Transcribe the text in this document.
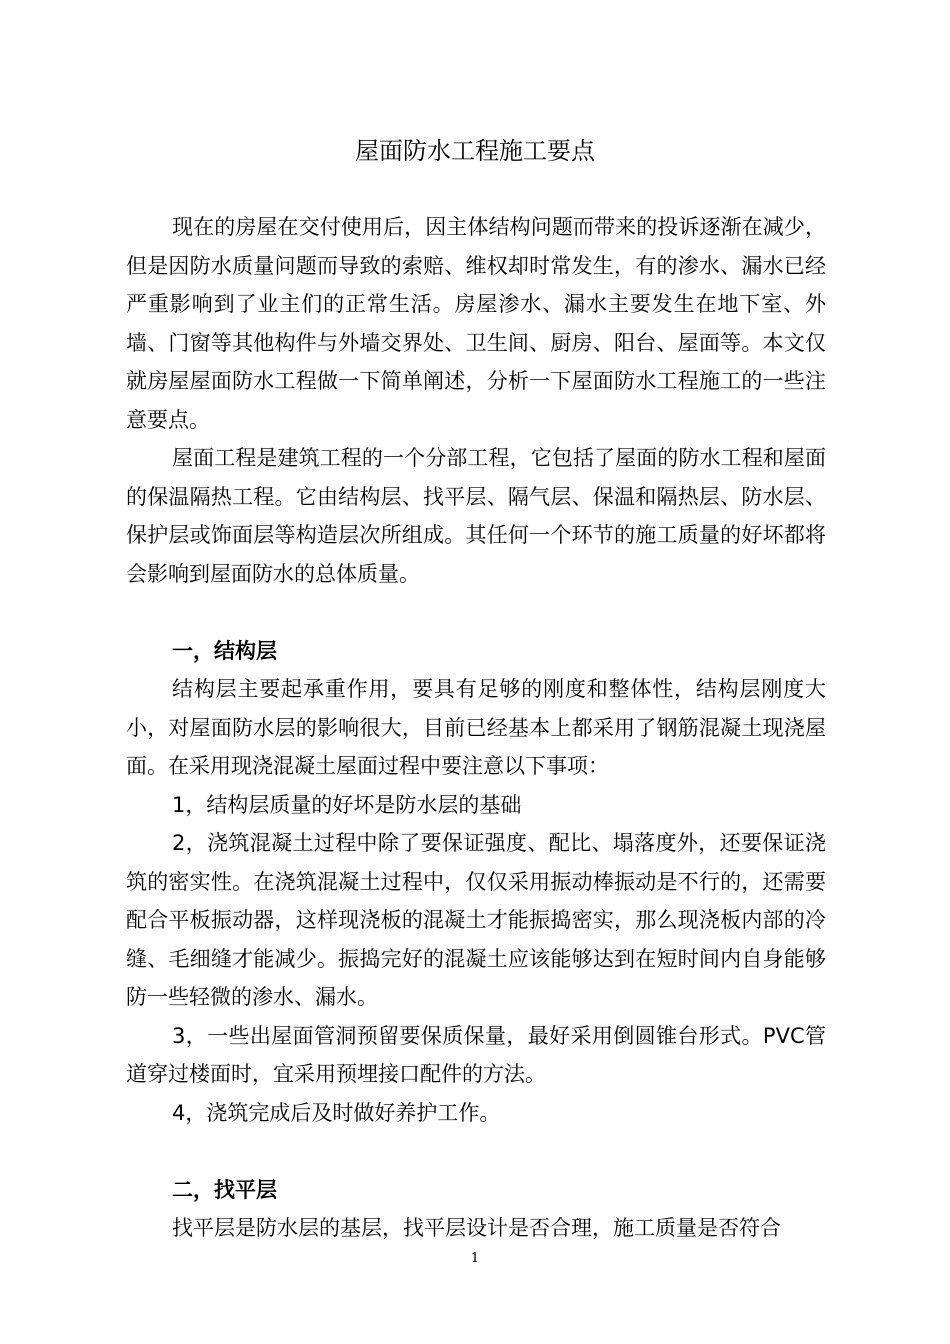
屋面防水工程施工要点

现在的房屋在交付使用后，因主体结构问题而带来的投诉逐渐在减少，但是因防水质量问题而导致的索赔、维权却时常发生，有的渗水、漏水已经严重影响到了业主们的正常生活。房屋渗水、漏水主要发生在地下室、外墙、门窗等其他构件与外墙交界处、卫生间、厨房、阳台、屋面等。本文仅就房屋屋面防水工程做一下简单阐述，分析一下屋面防水工程施工的一些注意要点。

屋面工程是建筑工程的一个分部工程，它包括了屋面的防水工程和屋面的保温隔热工程。它由结构层、找平层、隔气层、保温和隔热层、防水层、保护层或饰面层等构造层次所组成。其任何一个环节的施工质量的好坏都将会影响到屋面防水的总体质量。

一，结构层

结构层主要起承重作用，要具有足够的刚度和整体性，结构层刚度大小，对屋面防水层的影响很大，目前已经基本上都采用了钢筋混凝土现浇屋面。在采用现浇混凝土屋面过程中要注意以下事项：

1，结构层质量的好坏是防水层的基础

2，浇筑混凝土过程中除了要保证强度、配比、塌落度外，还要保证浇筑的密实性。在浇筑混凝土过程中，仅仅采用振动棒振动是不行的，还需要配合平板振动器，这样现浇板的混凝土才能振捣密实，那么现浇板内部的冷缝、毛细缝才能减少。振捣完好的混凝土应该能够达到在短时间内自身能够防一些轻微的渗水、漏水。

3，一些出屋面管洞预留要保质保量，最好采用倒圆锥台形式。PVC管道穿过楼面时，宜采用预埋接口配件的方法。

4，浇筑完成后及时做好养护工作。

二，找平层

找平层是防水层的基层，找平层设计是否合理，施工质量是否符合

1
